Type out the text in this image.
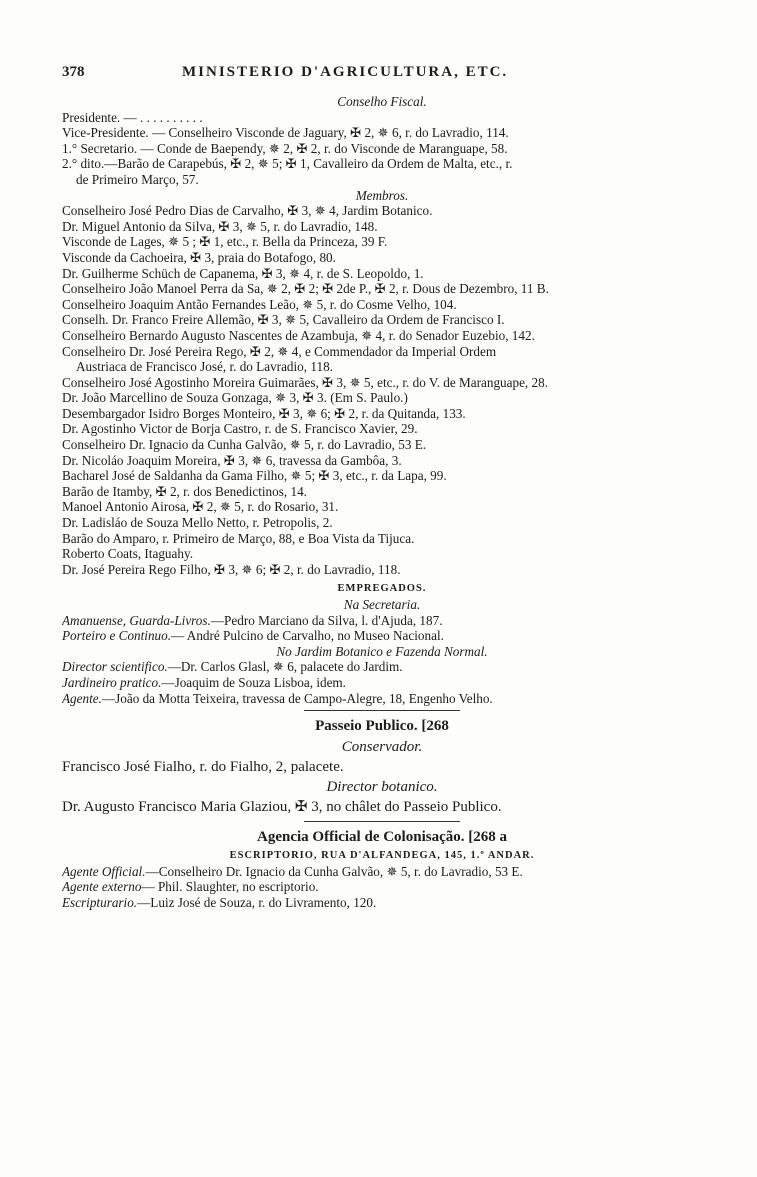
378	MINISTERIO D'AGRICULTURA, ETC.
Conselho Fiscal.
Presidente. — . . . . . . . . . .
Vice-Presidente. — Conselheiro Visconde de Jaguary, ✠ 2, ✵ 6, r. do Lavradio, 114.
1.° Secretario. — Conde de Baependy, ✵ 2, ✠ 2, r. do Visconde de Maranguape, 58.
2.° dito.—Barão de Carapebús, ✠ 2, ✵ 5; ✠ 1, Cavalleiro da Ordem de Malta, etc., r.
de Primeiro Março, 57.
Membros.
Conselheiro José Pedro Dias de Carvalho, ✠ 3, ✵ 4, Jardim Botanico.
Dr. Miguel Antonio da Silva, ✠ 3, ✵ 5, r. do Lavradio, 148.
Visconde de Lages, ✵ 5 ; ✠ 1, etc., r. Bella da Princeza, 39 F.
Visconde da Cachoeira, ✠ 3, praia do Botafogo, 80.
Dr. Guilherme Schüch de Capanema, ✠ 3, ✵ 4, r. de S. Leopoldo, 1.
Conselheiro João Manoel Perra da Sa, ✵ 2, ✠ 2; ✠ 2de P., ✠ 2, r. Dous de Dezembro, 11 B.
Conselheiro Joaquim Antão Fernandes Leão, ✵ 5, r. do Cosme Velho, 104.
Conselh. Dr. Franco Freire Allemão, ✠ 3, ✵ 5, Cavalleiro da Ordem de Francisco I.
Conselheiro Bernardo Augusto Nascentes de Azambuja, ✵ 4, r. do Senador Euzebio, 142.
Conselheiro Dr. José Pereira Rego, ✠ 2, ✵ 4, e Commendador da Imperial Ordem
Austriaca de Francisco José, r. do Lavradio, 118.
Conselheiro José Agostinho Moreira Guimarães, ✠ 3, ✵ 5, etc., r. do V. de Maranguape, 28.
Dr. João Marcellino de Souza Gonzaga, ✵ 3, ✠ 3. (Em S. Paulo.)
Desembargador Isidro Borges Monteiro, ✠ 3, ✵ 6; ✠ 2, r. da Quitanda, 133.
Dr. Agostinho Victor de Borja Castro, r. de S. Francisco Xavier, 29.
Conselheiro Dr. Ignacio da Cunha Galvão, ✵ 5, r. do Lavradio, 53 E.
Dr. Nicoláo Joaquim Moreira, ✠ 3, ✵ 6, travessa da Gambôa, 3.
Bacharel José de Saldanha da Gama Filho, ✵ 5; ✠ 3, etc., r. da Lapa, 99.
Barão de Itamby, ✠ 2, r. dos Benedictinos, 14.
Manoel Antonio Airosa, ✠ 2, ✵ 5, r. do Rosario, 31.
Dr. Ladisláo de Souza Mello Netto, r. Petropolis, 2.
Barão do Amparo, r. Primeiro de Março, 88, e Boa Vista da Tijuca.
Roberto Coats, Itaguahy.
Dr. José Pereira Rego Filho, ✠ 3, ✵ 6; ✠ 2, r. do Lavradio, 118.
EMPREGADOS.
Na Secretaria.
Amanuense, Guarda-Livros.—Pedro Marciano da Silva, l. d'Ajuda, 187.
Porteiro e Continuo.— André Pulcino de Carvalho, no Museo Nacional.
No Jardim Botanico e Fazenda Normal.
Director scientifico.—Dr. Carlos Glasl, ✵ 6, palacete do Jardim.
Jardineiro pratico.—Joaquim de Souza Lisboa, idem.
Agente.—João da Motta Teixeira, travessa de Campo-Alegre, 18, Engenho Velho.
Passeio Publico. [268
Conservador.
Francisco José Fialho, r. do Fialho, 2, palacete.
Director botanico.
Dr. Augusto Francisco Maria Glaziou, ✠ 3, no châlet do Passeio Publico.
Agencia Official de Colonisação. [268 a
ESCRIPTORIO, RUA D'ALFANDEGA, 145, 1.º ANDAR.
Agente Official.—Conselheiro Dr. Ignacio da Cunha Galvão, ✵ 5, r. do Lavradio, 53 E.
Agente externo— Phil. Slaughter, no escriptorio.
Escripturario.—Luiz José de Souza, r. do Livramento, 120.
